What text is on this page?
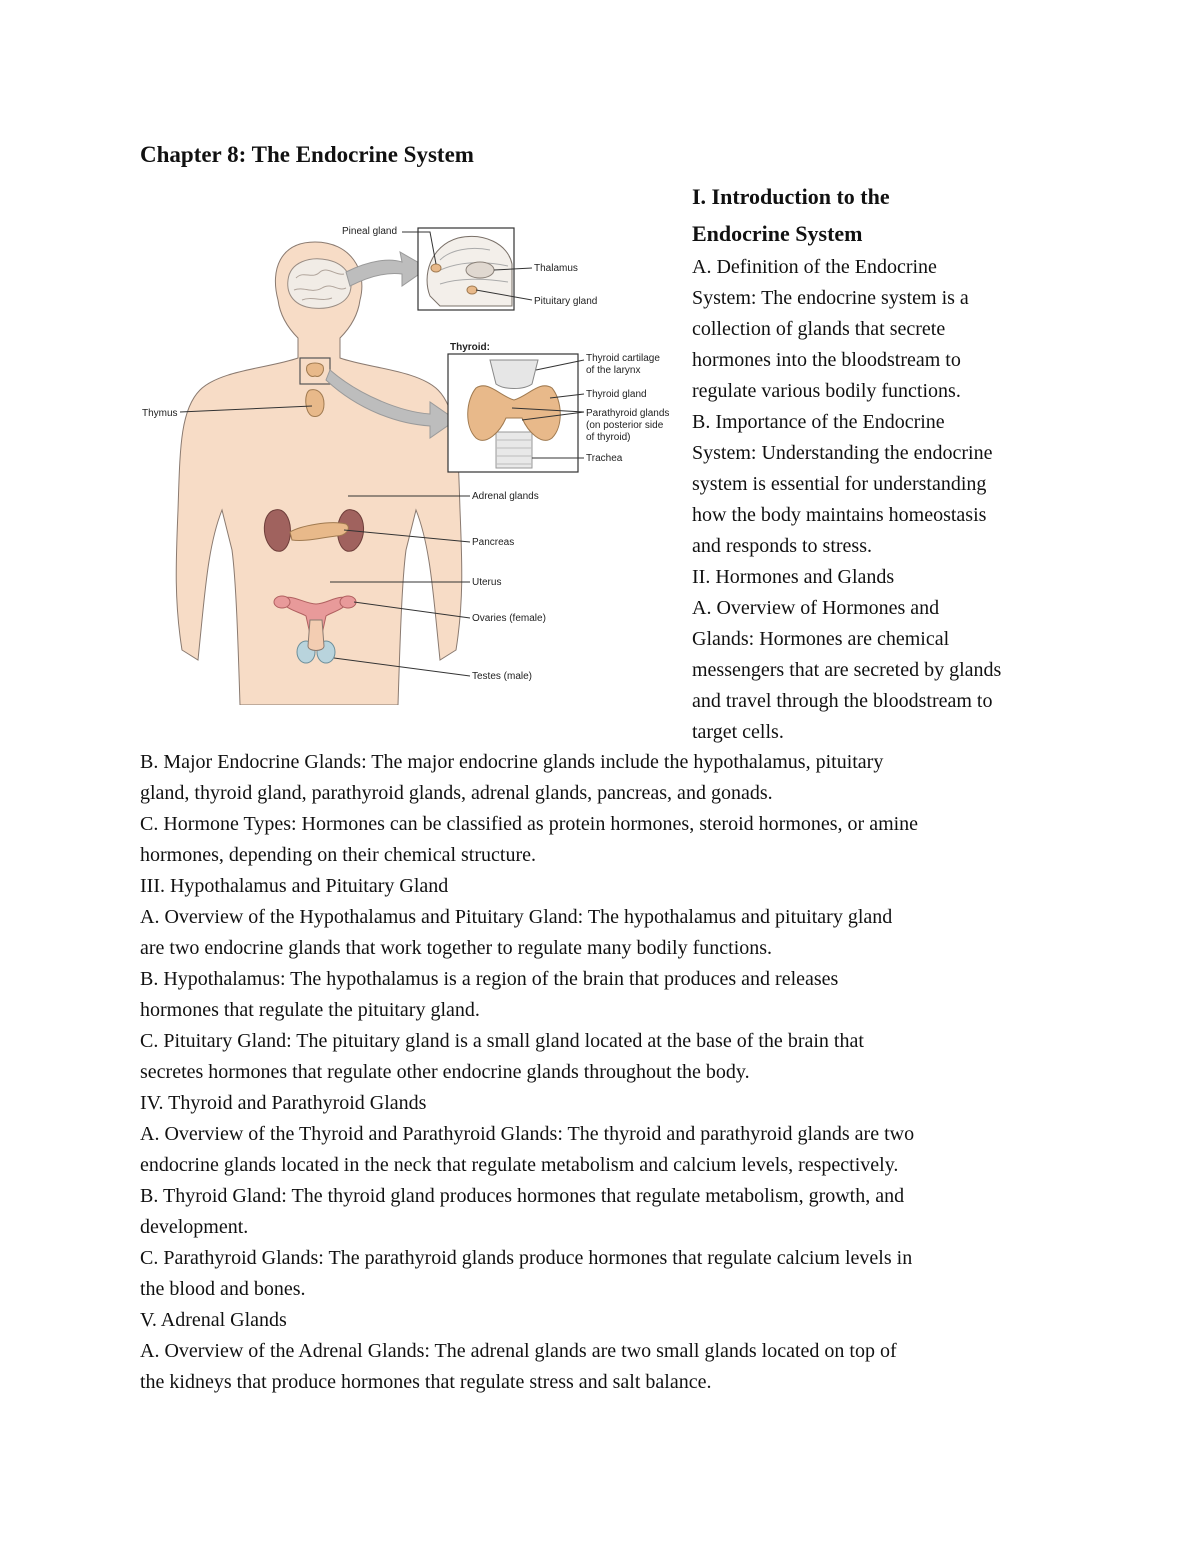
Chapter 8: The Endocrine System
Pineal gland
Thalamus
Pituitary gland
Thyroid:
Thyroid cartilage
of the larynx
Thyroid gland
Parathyroid glands
(on posterior side
of thyroid)
Trachea
Thymus
Adrenal glands
Pancreas
Uterus
Ovaries (female)
Testes (male)

I. Introduction to the

Endocrine System

A. Definition of the Endocrine

System: The endocrine system is a

collection of glands that secrete

hormones into the bloodstream to

regulate various bodily functions.

B. Importance of the Endocrine

System: Understanding the endocrine

system is essential for understanding

how the body maintains homeostasis

and responds to stress.

II. Hormones and Glands

A. Overview of Hormones and

Glands: Hormones are chemical

messengers that are secreted by glands

and travel through the bloodstream to

target cells.

B. Major Endocrine Glands: The major endocrine glands include the hypothalamus, pituitary

gland, thyroid gland, parathyroid glands, adrenal glands, pancreas, and gonads.

C. Hormone Types: Hormones can be classified as protein hormones, steroid hormones, or amine

hormones, depending on their chemical structure.

III. Hypothalamus and Pituitary Gland

A. Overview of the Hypothalamus and Pituitary Gland: The hypothalamus and pituitary gland

are two endocrine glands that work together to regulate many bodily functions.

B. Hypothalamus: The hypothalamus is a region of the brain that produces and releases

hormones that regulate the pituitary gland.

C. Pituitary Gland: The pituitary gland is a small gland located at the base of the brain that

secretes hormones that regulate other endocrine glands throughout the body.

IV. Thyroid and Parathyroid Glands

A. Overview of the Thyroid and Parathyroid Glands: The thyroid and parathyroid glands are two

endocrine glands located in the neck that regulate metabolism and calcium levels, respectively.

B. Thyroid Gland: The thyroid gland produces hormones that regulate metabolism, growth, and

development.

C. Parathyroid Glands: The parathyroid glands produce hormones that regulate calcium levels in

the blood and bones.

V. Adrenal Glands

A. Overview of the Adrenal Glands: The adrenal glands are two small glands located on top of

the kidneys that produce hormones that regulate stress and salt balance.
